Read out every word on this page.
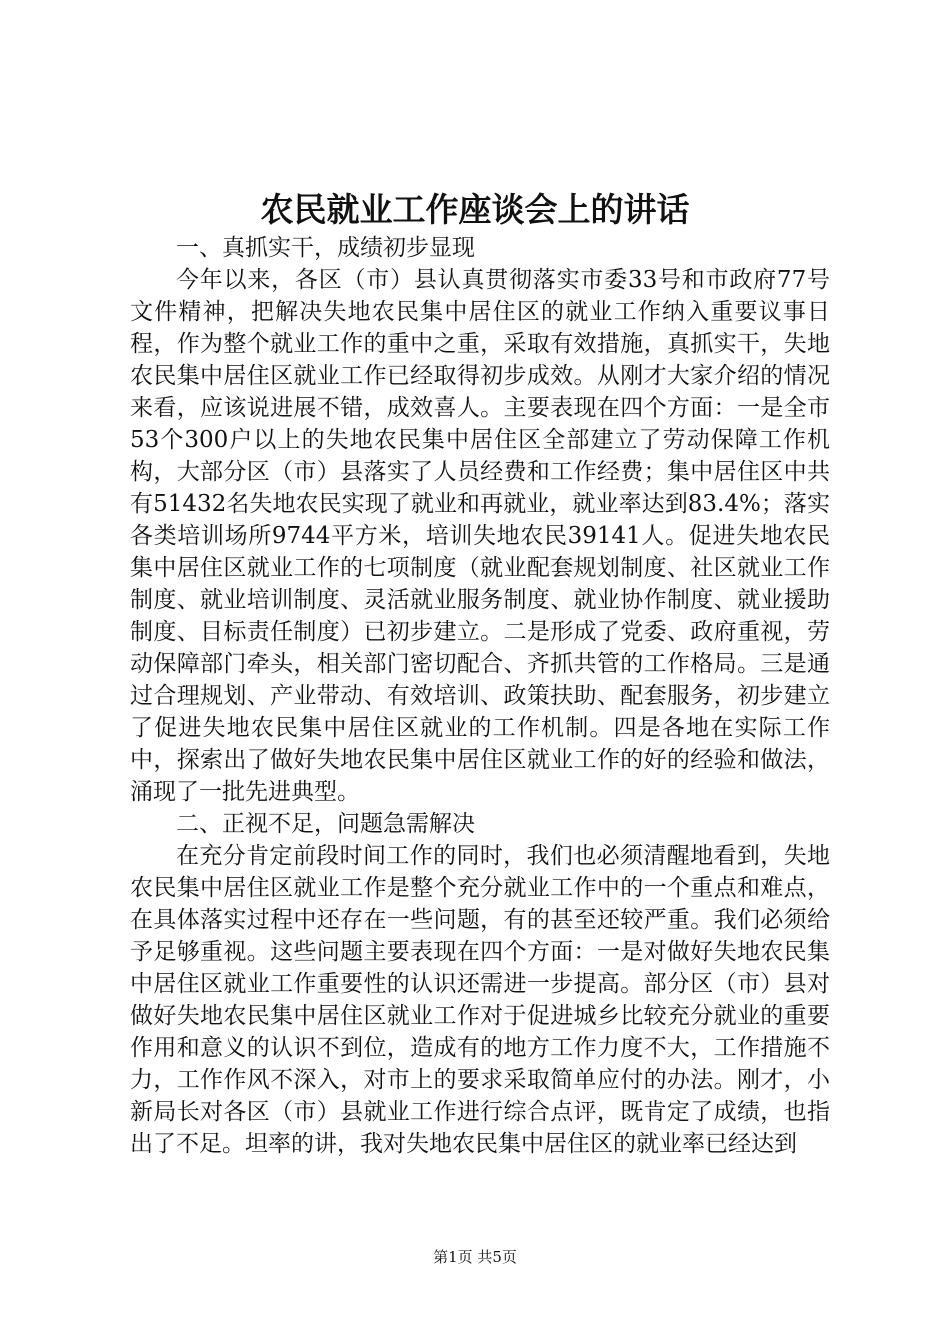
农民就业工作座谈会上的讲话

一、真抓实干，成绩初步显现

今年以来，各区（市）县认真贯彻落实市委33号和市政府77号文件精神，把解决失地农民集中居住区的就业工作纳入重要议事日程，作为整个就业工作的重中之重，采取有效措施，真抓实干，失地农民集中居住区就业工作已经取得初步成效。从刚才大家介绍的情况来看，应该说进展不错，成效喜人。主要表现在四个方面：一是全市53个300户以上的失地农民集中居住区全部建立了劳动保障工作机构，大部分区（市）县落实了人员经费和工作经费；集中居住区中共有51432名失地农民实现了就业和再就业，就业率达到83.4%；落实各类培训场所9744平方米，培训失地农民39141人。促进失地农民集中居住区就业工作的七项制度（就业配套规划制度、社区就业工作制度、就业培训制度、灵活就业服务制度、就业协作制度、就业援助制度、目标责任制度）已初步建立。二是形成了党委、政府重视，劳动保障部门牵头，相关部门密切配合、齐抓共管的工作格局。三是通过合理规划、产业带动、有效培训、政策扶助、配套服务，初步建立了促进失地农民集中居住区就业的工作机制。四是各地在实际工作中，探索出了做好失地农民集中居住区就业工作的好的经验和做法，涌现了一批先进典型。

二、正视不足，问题急需解决

在充分肯定前段时间工作的同时，我们也必须清醒地看到，失地农民集中居住区就业工作是整个充分就业工作中的一个重点和难点，在具体落实过程中还存在一些问题，有的甚至还较严重。我们必须给予足够重视。这些问题主要表现在四个方面：一是对做好失地农民集中居住区就业工作重要性的认识还需进一步提高。部分区（市）县对做好失地农民集中居住区就业工作对于促进城乡比较充分就业的重要作用和意义的认识不到位，造成有的地方工作力度不大，工作措施不力，工作作风不深入，对市上的要求采取简单应付的办法。刚才，小新局长对各区（市）县就业工作进行综合点评，既肯定了成绩，也指出了不足。坦率的讲，我对失地农民集中居住区的就业率已经达到

第1页 共5页
